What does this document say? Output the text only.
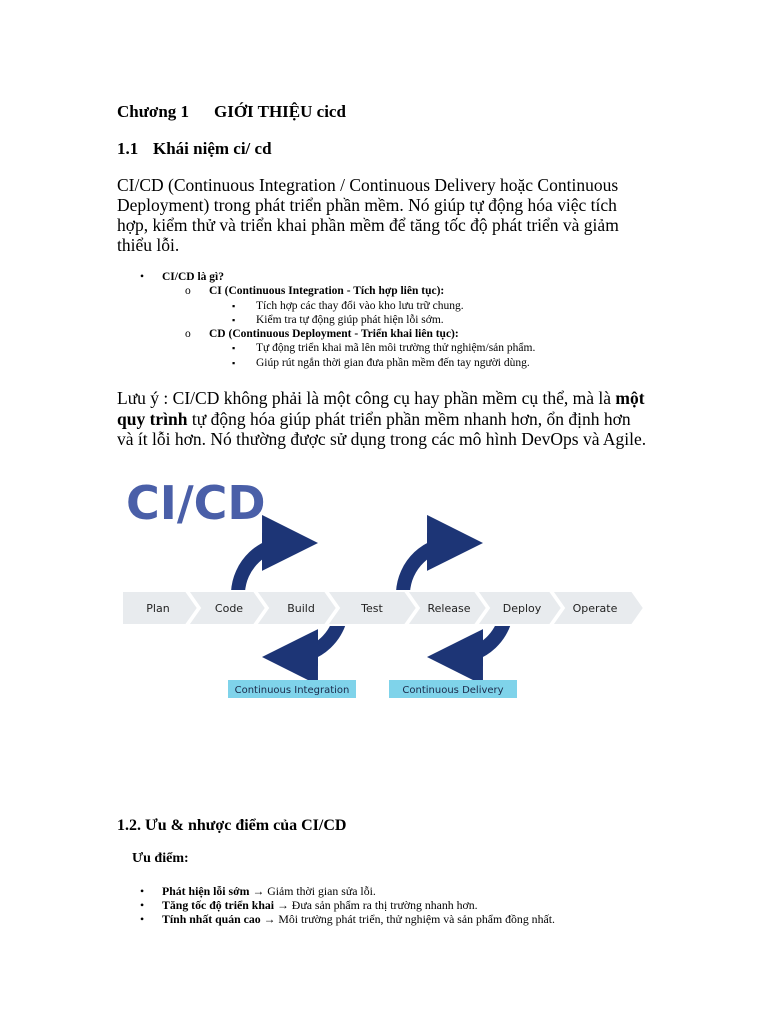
Chương 1 GIỚI THIỆU cicd
1.1 Khái niệm ci/ cd
CI/CD (Continuous Integration / Continuous Delivery hoặc Continuous Deployment) trong phát triển phần mềm. Nó giúp tự động hóa việc tích hợp, kiểm thử và triển khai phần mềm để tăng tốc độ phát triển và giảm thiểu lỗi.
• CI/CD là gì?
o CI (Continuous Integration - Tích hợp liên tục):
▪ Tích hợp các thay đổi vào kho lưu trữ chung.
▪ Kiểm tra tự động giúp phát hiện lỗi sớm.
o CD (Continuous Deployment - Triển khai liên tục):
▪ Tự động triển khai mã lên môi trường thử nghiệm/sản phẩm.
▪ Giúp rút ngắn thời gian đưa phần mềm đến tay người dùng.
Lưu ý : CI/CD không phải là một công cụ hay phần mềm cụ thể, mà là một quy trình tự động hóa giúp phát triển phần mềm nhanh hơn, ổn định hơn và ít lỗi hơn. Nó thường được sử dụng trong các mô hình DevOps và Agile.
CI/CD
Plan	Code	Build	Test	Release	Deploy	Operate
Continuous Integration	Continuous Delivery
1.2. Ưu & nhược điểm của CI/CD
Ưu điểm:
• Phát hiện lỗi sớm → Giảm thời gian sửa lỗi.
• Tăng tốc độ triển khai → Đưa sản phẩm ra thị trường nhanh hơn.
• Tính nhất quán cao → Môi trường phát triển, thử nghiệm và sản phẩm đồng nhất.
